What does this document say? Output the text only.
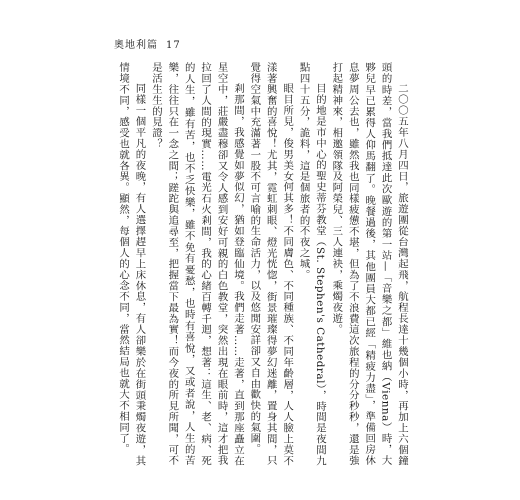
奧地利篇 17

二〇〇五年八月四日，旅遊團從台灣起飛，航程長達十幾個小時，再加上六個鐘頭的時差，當我們抵達此次歐遊的第一站—「音樂之都」維也納（Vienna）時，大夥兒早已累得人仰馬翻了。晚餐過後，其他團員大都已經「精疲力盡」，準備回房休息夢周公去也，雖然我也同樣疲憊不堪，但為了不浪費這次旅程的分分秒秒，還是強打起精神來，相邀領隊及阿榮兒、三人連袂，乘燭夜遊。

目的地是市中心的聖史蒂芬教堂（St. Stephen's Cathedral），時間是夜間九點四十五分，詭料，這是個旅者的不夜之城。

眼目所見，俊男美女何其多！不同膚色、不同種族、不同年齡層，人人臉上莫不漾著興奮的喜悅！尤其，霓虹刺眼、燈光恍惚，街景璀璨得夢幻迷離，置身其間，只覺得空氣中充滿著一股不可言喻的生命活力，以及悠閒安詳卻又自由歡快的氣圍。

剎那間，我感覺如夢似幻，猶如登臨仙境。我們走著……走著，直到那座矗立在星空中，莊嚴盡穆卻又令人感到安好可親的白色教堂，突然出現在眼前時，這才把我拉回了人間的現實……電光石火剎間，我的心緒百轉千迴，想著：這生、老、病、死的人生，雖有苦，也不乏快樂，雖不免有憂愁，也時有喜悅，又或者說，人生的苦樂，往往只在一念之間；蹉跎與追尋至，把握當下最為實！而今夜的所見所聞，可不是活生生的見證？

同樣一個平凡的夜晚，有人選擇趕早上床休息，有人卻樂於在街頭秉燭夜遊，其情境不同，感受也就各異。顯然，每個人的心念不同，當然結局也就大不相同了。
